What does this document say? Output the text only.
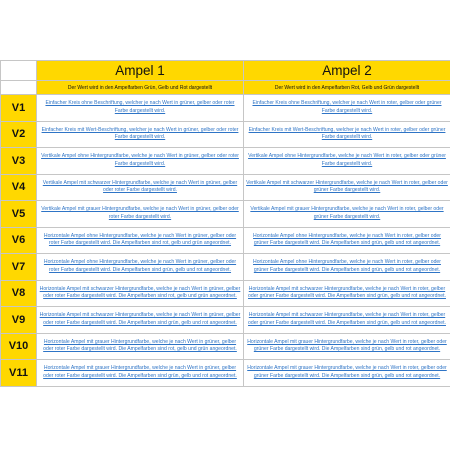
	Ampel 1	Ampel 2
	Der Wert wird in den Ampelfarben Grün, Gelb und Rot dargestellt	Der Wert wird in den Ampelfarben Rot, Gelb und Grün dargestellt
V1	Einfacher Kreis ohne Beschriftung, welcher je nach Wert in grüner, gelber oder roter Farbe dargestellt wird.	Einfacher Kreis ohne Beschriftung, welcher je nach Wert in roter, gelber oder grüner Farbe dargestellt wird.

V2	Einfacher Kreis mit Wert-Beschriftung, welcher je nach Wert in grüner, gelber oder roter Farbe dargestellt wird.	Einfacher Kreis mit Wert-Beschriftung, welcher je nach Wert in roter, gelber oder grüner Farbe dargestellt wird.

V3	Vertikale Ampel ohne Hintergrundfarbe, welche je nach Wert in grüner, gelber oder roter Farbe dargestellt wird.	Vertikale Ampel ohne Hintergrundfarbe, welche je nach Wert in roter, gelber oder grüner Farbe dargestellt wird.

V4	Vertikale Ampel mit schwarzer Hintergrundfarbe, welche je nach Wert in grüner, gelber oder roter Farbe dargestellt wird.	Vertikale Ampel mit schwarzer Hintergrundfarbe, welche je nach Wert in roter, gelber oder grüner Farbe dargestellt wird.

V5	Vertikale Ampel mit grauer Hintergrundfarbe, welche je nach Wert in grüner, gelber oder roter Farbe dargestellt wird.	Vertikale Ampel mit grauer Hintergrundfarbe, welche je nach Wert in roter, gelber oder grüner Farbe dargestellt wird.

V6	Horizontale Ampel ohne Hintergrundfarbe, welche je nach Wert in grüner, gelber oder roter Farbe dargestellt wird. Die Ampelfarben sind rot, gelb und grün angeordnet.	Horizontale Ampel ohne Hintergrundfarbe, welche je nach Wert in roter, gelber oder grüner Farbe dargestellt wird. Die Ampelfarben sind grün, gelb und rot angeordnet.

V7	Horizontale Ampel ohne Hintergrundfarbe, welche je nach Wert in grüner, gelber oder roter Farbe dargestellt wird. Die Ampelfarben sind grün, gelb und rot angeordnet.	Horizontale Ampel ohne Hintergrundfarbe, welche je nach Wert in roter, gelber oder grüner Farbe dargestellt wird. Die Ampelfarben sind grün, gelb und rot angeordnet.

V8	Horizontale Ampel mit schwarzer Hintergrundfarbe, welche je nach Wert in grüner, gelber oder roter Farbe dargestellt wird. Die Ampelfarben sind rot, gelb und grün angeordnet.	Horizontale Ampel mit schwarzer Hintergrundfarbe, welche je nach Wert in roter, gelber oder grüner Farbe dargestellt wird. Die Ampelfarben sind grün, gelb und rot angeordnet.

V9	Horizontale Ampel mit schwarzer Hintergrundfarbe, welche je nach Wert in grüner, gelber oder roter Farbe dargestellt wird. Die Ampelfarben sind grün, gelb und rot angeordnet.	Horizontale Ampel mit schwarzer Hintergrundfarbe, welche je nach Wert in roter, gelber oder grüner Farbe dargestellt wird. Die Ampelfarben sind grün, gelb und rot angeordnet.

V10	Horizontale Ampel mit grauer Hintergrundfarbe, welche je nach Wert in grüner, gelber oder roter Farbe dargestellt wird. Die Ampelfarben sind rot, gelb und grün angeordnet.	Horizontale Ampel mit grauer Hintergrundfarbe, welche je nach Wert in roter, gelber oder grüner Farbe dargestellt wird. Die Ampelfarben sind grün, gelb und rot angeordnet.

V11	Horizontale Ampel mit grauer Hintergrundfarbe, welche je nach Wert in grüner, gelber oder roter Farbe dargestellt wird. Die Ampelfarben sind grün, gelb und rot angeordnet.	Horizontale Ampel mit grauer Hintergrundfarbe, welche je nach Wert in roter, gelber oder grüner Farbe dargestellt wird. Die Ampelfarben sind grün, gelb und rot angeordnet.
